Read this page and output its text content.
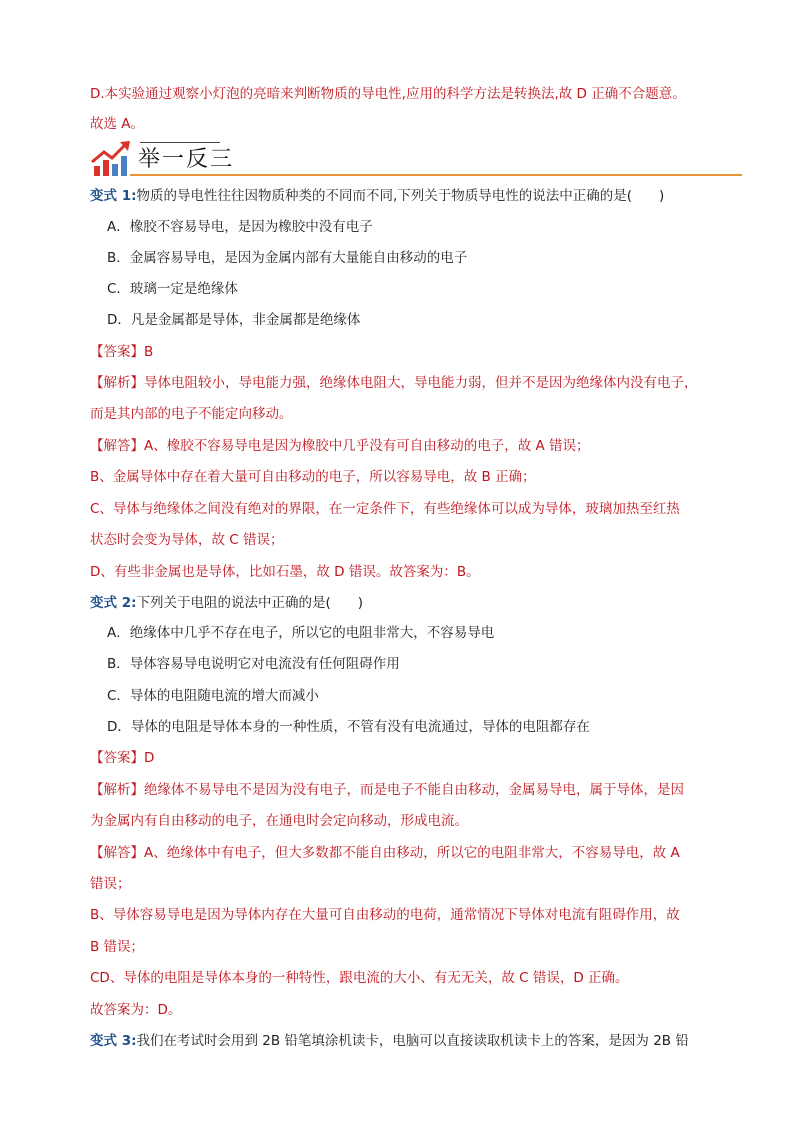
D.本实验通过观察小灯泡的亮暗来判断物质的导电性,应用的科学方法是转换法,故 D 正确不合题意。
故选 A。
举一反三
变式 1:物质的导电性往往因物质种类的不同而不同,下列关于物质导电性的说法中正确的是(　　)
A．橡胶不容易导电，是因为橡胶中没有电子
B．金属容易导电，是因为金属内部有大量能自由移动的电子
C．玻璃一定是绝缘体
D．凡是金属都是导体，非金属都是绝缘体
【答案】B
【解析】导体电阻较小，导电能力强，绝缘体电阻大，导电能力弱，但并不是因为绝缘体内没有电子，
而是其内部的电子不能定向移动。
【解答】A、橡胶不容易导电是因为橡胶中几乎没有可自由移动的电子，故 A 错误；
B、金属导体中存在着大量可自由移动的电子，所以容易导电，故 B 正确；
C、导体与绝缘体之间没有绝对的界限，在一定条件下，有些绝缘体可以成为导体，玻璃加热至红热
状态时会变为导体，故 C 错误；
D、有些非金属也是导体，比如石墨，故 D 错误。故答案为：B。
变式 2:下列关于电阻的说法中正确的是(　　)
A．绝缘体中几乎不存在电子，所以它的电阻非常大，不容易导电
B．导体容易导电说明它对电流没有任何阻碍作用
C．导体的电阻随电流的增大而减小
D．导体的电阻是导体本身的一种性质，不管有没有电流通过，导体的电阻都存在
【答案】D
【解析】绝缘体不易导电不是因为没有电子，而是电子不能自由移动，金属易导电，属于导体，是因
为金属内有自由移动的电子，在通电时会定向移动，形成电流。
【解答】A、绝缘体中有电子，但大多数都不能自由移动，所以它的电阻非常大，不容易导电，故 A
错误；
B、导体容易导电是因为导体内存在大量可自由移动的电荷，通常情况下导体对电流有阻碍作用，故
B 错误；
CD、导体的电阻是导体本身的一种特性，跟电流的大小、有无无关，故 C 错误，D 正确。
故答案为：D。
变式 3:我们在考试时会用到 2B 铅笔填涂机读卡，电脑可以直接读取机读卡上的答案，是因为 2B 铅
